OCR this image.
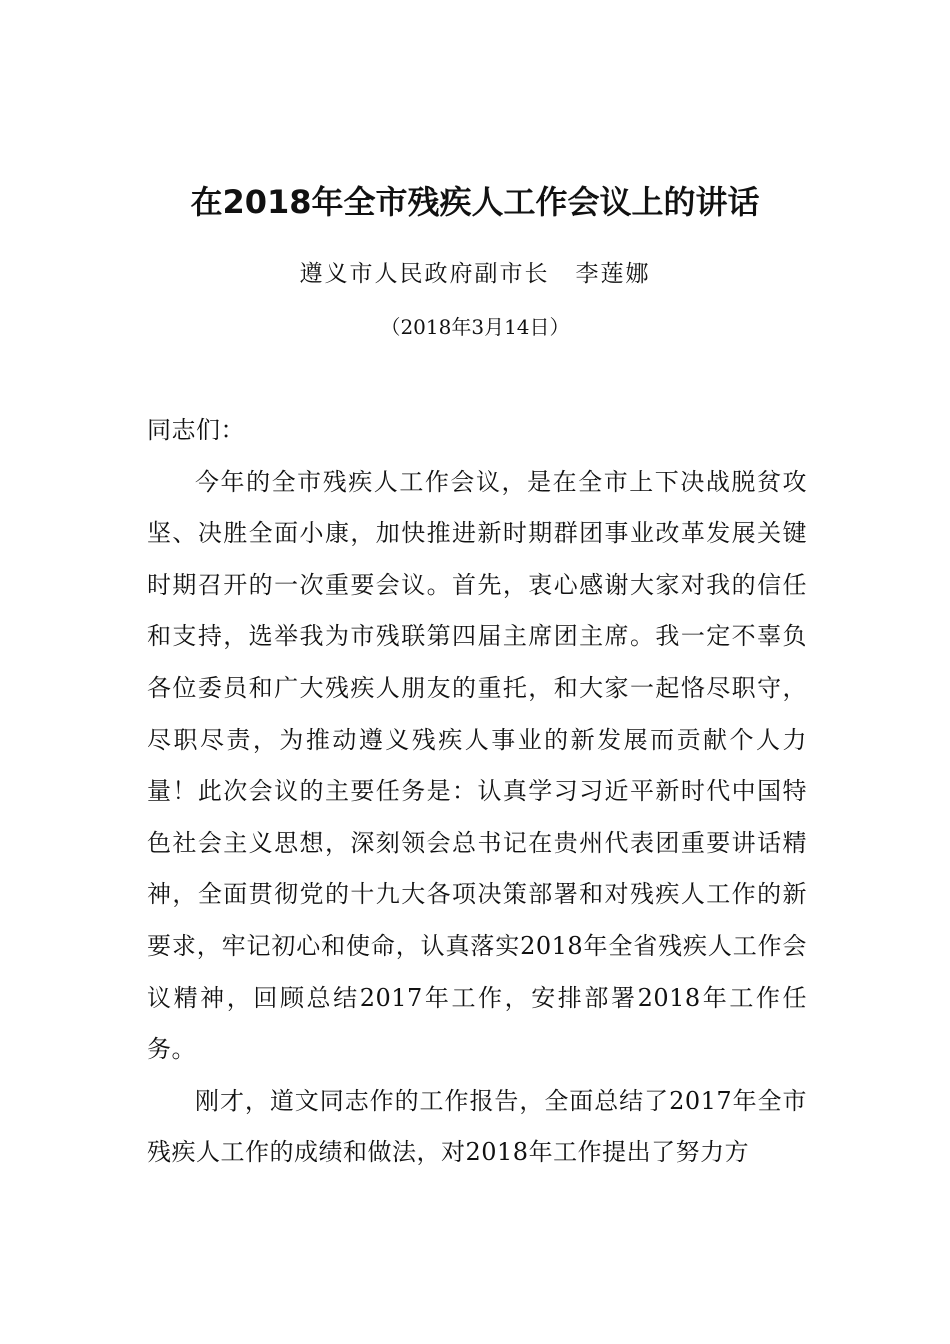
在2018年全市残疾人工作会议上的讲话
遵义市人民政府副市长 李莲娜
（2018年3月14日）

同志们：

今年的全市残疾人工作会议，是在全市上下决战脱贫攻坚、决胜全面小康，加快推进新时期群团事业改革发展关键时期召开的一次重要会议。首先，衷心感谢大家对我的信任和支持，选举我为市残联第四届主席团主席。我一定不辜负各位委员和广大残疾人朋友的重托，和大家一起恪尽职守，尽职尽责，为推动遵义残疾人事业的新发展而贡献个人力量！此次会议的主要任务是：认真学习习近平新时代中国特色社会主义思想，深刻领会总书记在贵州代表团重要讲话精神，全面贯彻党的十九大各项决策部署和对残疾人工作的新要求，牢记初心和使命，认真落实2018年全省残疾人工作会议精神，回顾总结2017年工作，安排部署2018年工作任务。

刚才，道文同志作的工作报告，全面总结了2017年全市残疾人工作的成绩和做法，对2018年工作提出了努力方
